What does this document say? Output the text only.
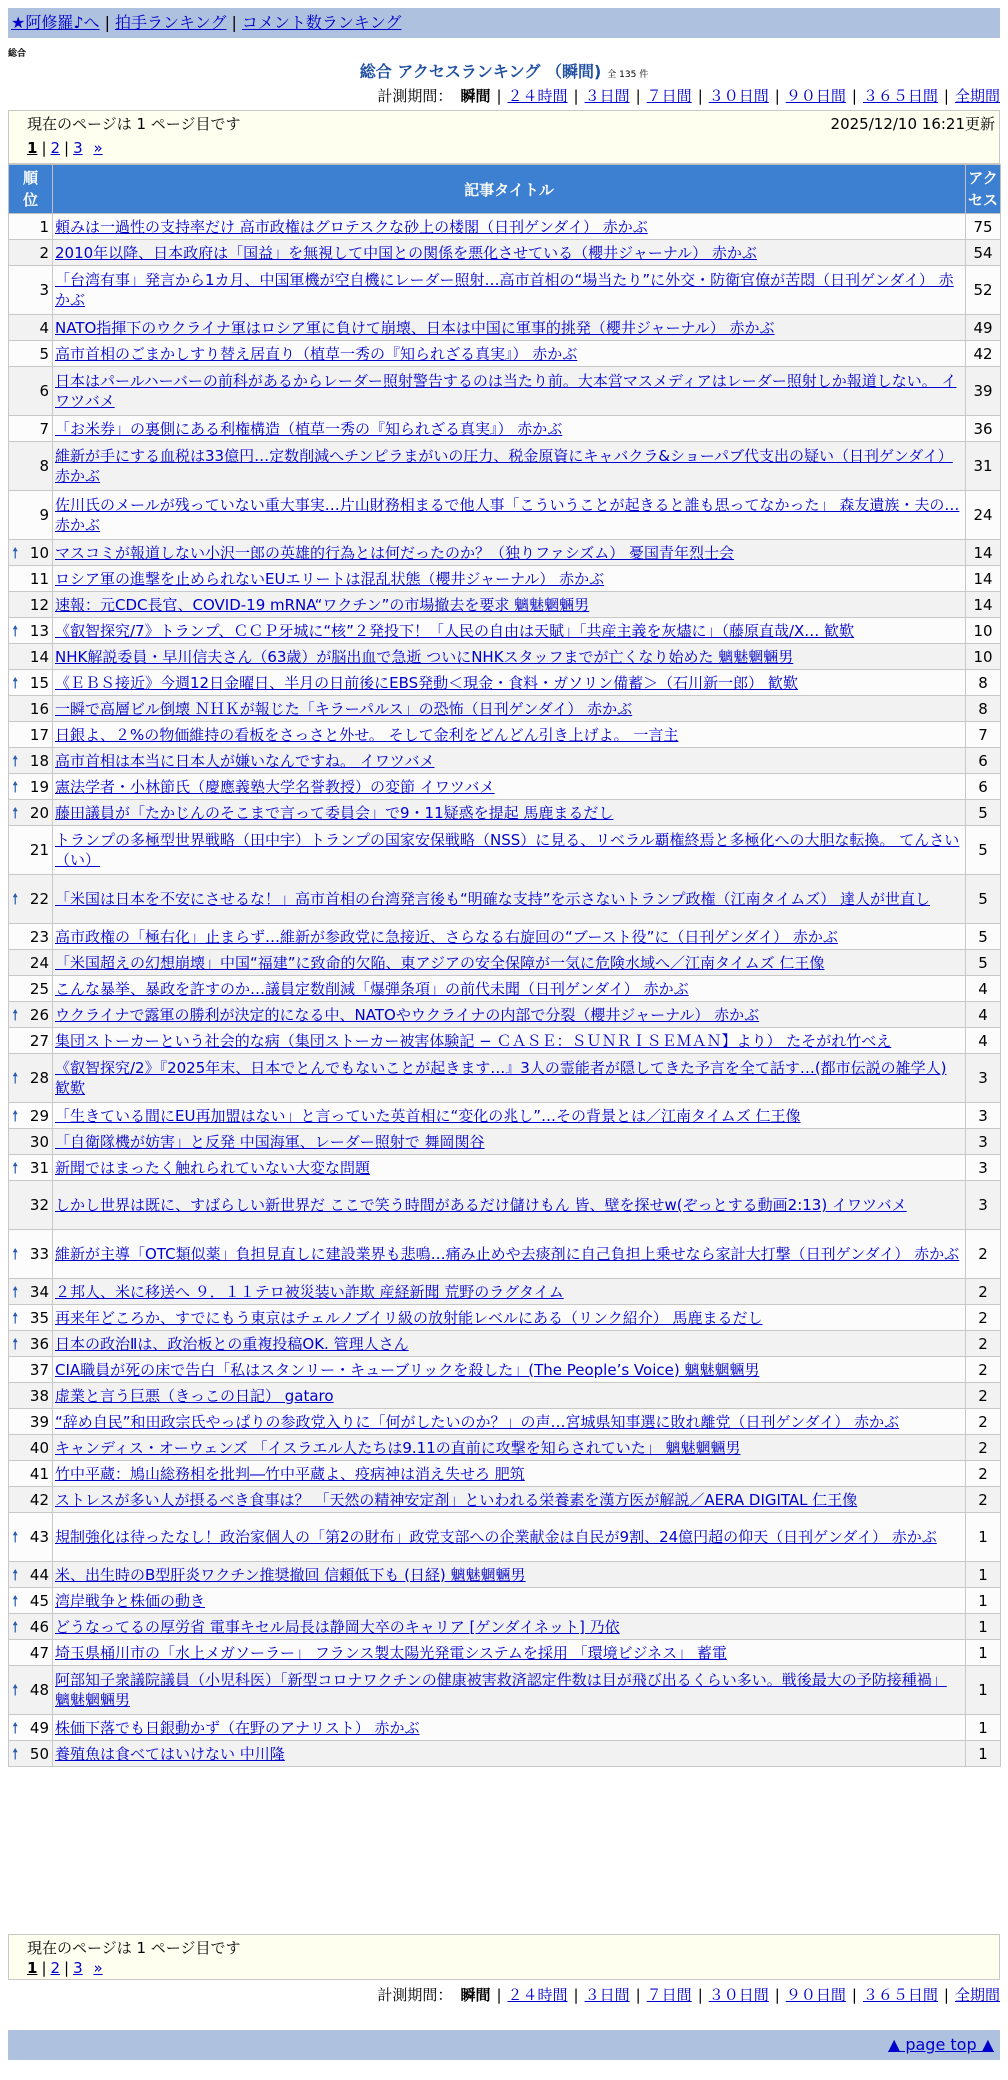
★阿修羅♪へ | 拍手ランキング | コメント数ランキング
総合
総合 アクセスランキング （瞬間) 全 135 件
計測期間： 瞬間 | ２４時間 | ３日間 | ７日間 | ３０日間 | ９０日間 | ３６５日間 | 全期間
現在のページは 1 ページ目です	2025/12/10 16:21更新
1 | 2 | 3 »
順位	記事タイトル	アクセス

1	頼みは一過性の支持率だけ 高市政権はグロテスクな砂上の楼閣（日刊ゲンダイ） 赤かぶ	75
2	2010年以降、日本政府は「国益」を無視して中国との関係を悪化させている（櫻井ジャーナル） 赤かぶ	54
3	「台湾有事」発言から1カ月、中国軍機が空自機にレーダー照射…高市首相の“場当たり”に外交・防衛官僚が苦悶（日刊ゲンダイ） 赤かぶ	52
4	NATO指揮下のウクライナ軍はロシア軍に負けて崩壊、日本は中国に軍事的挑発（櫻井ジャーナル） 赤かぶ	49
5	高市首相のごまかしすり替え居直り（植草一秀の『知られざる真実』） 赤かぶ	42
6	日本はパールハーバーの前科があるからレーダー照射警告するのは当たり前。大本営マスメディアはレーダー照射しか報道しない。 イワツバメ	39
7	「お米券」の裏側にある利権構造（植草一秀の『知られざる真実』） 赤かぶ	36
8	維新が手にする血税は33億円…定数削減へチンピラまがいの圧力、税金原資にキャバクラ&ショーパブ代支出の疑い（日刊ゲンダイ） 赤かぶ	31
9	佐川氏のメールが残っていない重大事実…片山財務相まるで他人事「こういうことが起きると誰も思ってなかった」 森友遺族・夫の… 赤かぶ	24

🠕 10	マスコミが報道しない小沢一郎の英雄的行為とは何だったのか？（独りファシズム） 憂国青年烈士会	14
11	ロシア軍の進撃を止められないEUエリートは混乱状態（櫻井ジャーナル） 赤かぶ	14
12	速報：元CDC長官、COVID-19 mRNA“ワクチン”の市場撤去を要求 魑魅魍魎男	14

🠕 13	《叡智探究/7》トランプ、ＣＣＰ牙城に“核”２発投下！「人民の自由は天賦」「共産主義を灰燼に」（藤原直哉/X… 歓歎	10
14	NHK解説委員・早川信夫さん（63歳）が脳出血で急逝 ついにNHKスタッフまでが亡くなり始めた 魑魅魍魎男	10

🠕 15	《ＥＢＳ接近》今週12日金曜日、半月の日前後にEBS発動＜現金・食料・ガソリン備蓄＞（石川新一郎） 歓歎	8
16	一瞬で高層ビル倒壊 ＮＨＫが報じた「キラーパルス」の恐怖（日刊ゲンダイ） 赤かぶ	8
17	日銀よ、２%の物価維持の看板をさっさと外せ。 そして金利をどんどん引き上げよ。 一言主	7

🠕 18	高市首相は本当に日本人が嫌いなんですね。 イワツバメ	6

🠕 19	憲法学者・小林節氏（慶應義塾大学名誉教授）の変節 イワツバメ	6

🠕 20	藤田議員が「たかじんのそこまで言って委員会」で9・11疑惑を提起 馬鹿まるだし	5
21	トランプの多極型世界戦略（田中宇）トランプの国家安保戦略（NSS）に見る、リベラル覇権終焉と多極化への大胆な転換。 てんさい（い）	5

🠕 22	「米国は日本を不安にさせるな！」高市首相の台湾発言後も“明確な支持”を示さないトランプ政権（江南タイムズ） 達人が世直し	5
23	高市政権の「極右化」止まらず…維新が参政党に急接近、さらなる右旋回の“ブースト役”に（日刊ゲンダイ） 赤かぶ	5
24	「米国超えの幻想崩壊」中国“福建”に致命的欠陥、東アジアの安全保障が一気に危険水域へ／江南タイムズ 仁王像	5
25	こんな暴挙、暴政を許すのか…議員定数削減「爆弾条項」の前代未聞（日刊ゲンダイ） 赤かぶ	4

🠕 26	ウクライナで露軍の勝利が決定的になる中、NATOやウクライナの内部で分裂（櫻井ジャーナル） 赤かぶ	4
27	集団ストーカーという社会的な病（集団ストーカー被害体験記 − ＣＡＳＥ：ＳＵＮＲＩＳＥＭＡＮ】より） たそがれ竹べえ	4

🠕 28	《叡智探究/2》『2025年末、日本でとんでもないことが起きます…』3人の霊能者が隠してきた予言を全て話す…(都市伝説の雑学人) 歓歎	3

🠕 29	「生きている間にEU再加盟はない」と言っていた英首相に“変化の兆し”…その背景とは／江南タイムズ 仁王像	3
30	「自衛隊機が妨害」と反発 中国海軍、レーダー照射で 舞岡関谷	3

🠕 31	新聞ではまったく触れられていない大変な問題	3
32	しかし世界は既に、すばらしい新世界だ ここで笑う時間があるだけ儲けもん 皆、壁を探せw(ぞっとする動画2:13) イワツバメ	3

🠕 33	維新が主導「OTC類似薬」負担見直しに建設業界も悲鳴…痛み止めや去痰剤に自己負担上乗せなら家計大打撃（日刊ゲンダイ） 赤かぶ	2

🠕 34	２邦人、米に移送へ ９．１１テロ被災装い詐欺 産経新聞 荒野のラグタイム	2

🠕 35	再来年どころか、すでにもう東京はチェルノブイリ級の放射能レベルにある（リンク紹介） 馬鹿まるだし	2

🠕 36	日本の政治Ⅱは、政治板との重複投稿OK. 管理人さん	2
37	CIA職員が死の床で告白「私はスタンリー・キューブリックを殺した」(The People’s Voice) 魑魅魍魎男	2
38	虚業と言う巨悪（きっこの日記） gataro	2
39	“辞め自民”和田政宗氏やっぱりの参政党入りに「何がしたいのか？」の声…宮城県知事選に敗れ離党（日刊ゲンダイ） 赤かぶ	2
40	キャンディス・オーウェンズ 「イスラエル人たちは9.11の直前に攻撃を知らされていた」 魑魅魍魎男	2
41	竹中平蔵：鳩山総務相を批判―竹中平蔵よ、疫病神は消え失せろ 肥筑	2
42	ストレスが多い人が摂るべき食事は？ 「天然の精神安定剤」といわれる栄養素を漢方医が解説／AERA DIGITAL 仁王像	2

🠕 43	規制強化は待ったなし！政治家個人の「第2の財布」政党支部への企業献金は自民が9割、24億円超の仰天（日刊ゲンダイ） 赤かぶ	1

🠕 44	米、出生時のB型肝炎ワクチン推奨撤回 信頼低下も (日経) 魑魅魍魎男	1

🠕 45	湾岸戦争と株価の動き	1

🠕 46	どうなってるの厚労省 電事キセル局長は静岡大卒のキャリア [ゲンダイネット] 乃依	1
47	埼玉県桶川市の「水上メガソーラー」 フランス製太陽光発電システムを採用 「環境ビジネス」 蓄電	1

🠕 48	阿部知子衆議院議員（小児科医）「新型コロナワクチンの健康被害救済認定件数は目が飛び出るくらい多い。戦後最大の予防接種禍」 魑魅魍魎男	1

🠕 49	株価下落でも日銀動かず（在野のアナリスト） 赤かぶ	1

🠕 50	養殖魚は食べてはいけない 中川隆	1
現在のページは 1 ページ目です
1 | 2 | 3 »
計測期間： 瞬間 | ２４時間 | ３日間 | ７日間 | ３０日間 | ９０日間 | ３６５日間 | 全期間
▲ page top ▲
